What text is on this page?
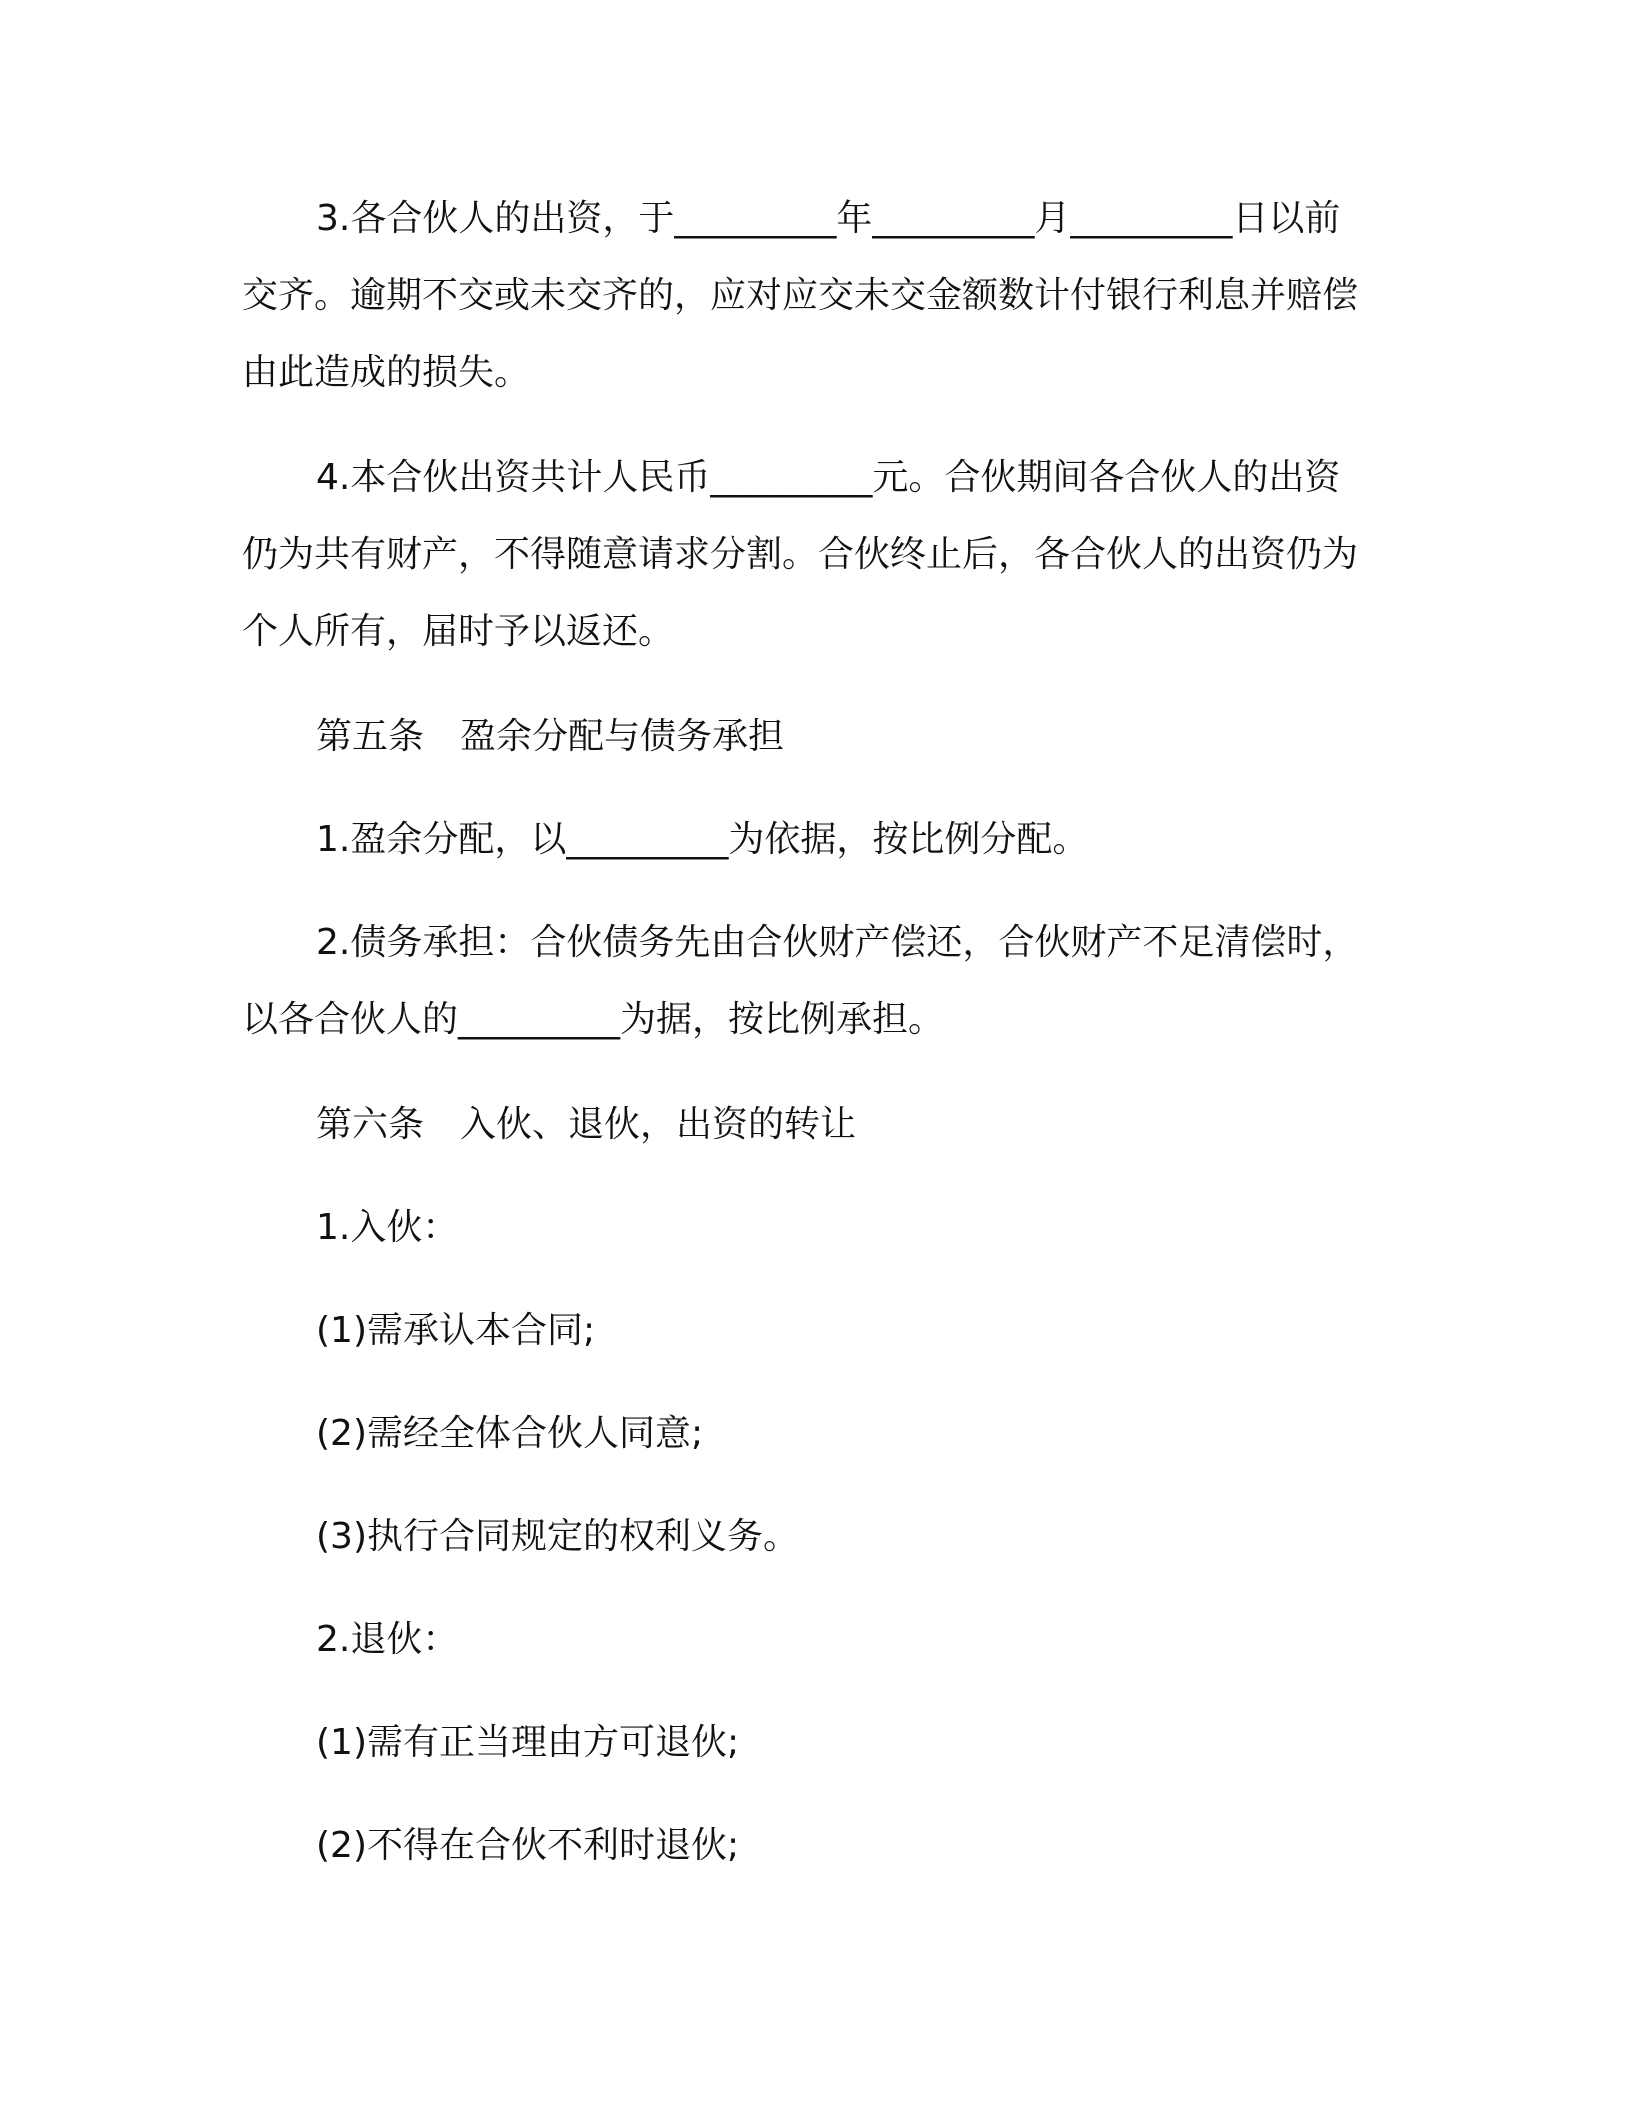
3.各合伙人的出资，于_________年_________月_________日以前交齐。逾期不交或未交齐的，应对应交未交金额数计付银行利息并赔偿由此造成的损失。

4.本合伙出资共计人民币_________元。合伙期间各合伙人的出资仍为共有财产，不得随意请求分割。合伙终止后，各合伙人的出资仍为个人所有，届时予以返还。

第五条 盈余分配与债务承担

1.盈余分配，以_________为依据，按比例分配。

2.债务承担：合伙债务先由合伙财产偿还，合伙财产不足清偿时，以各合伙人的_________为据，按比例承担。

第六条 入伙、退伙，出资的转让

1.入伙：

(1)需承认本合同;

(2)需经全体合伙人同意;

(3)执行合同规定的权利义务。

2.退伙：

(1)需有正当理由方可退伙;

(2)不得在合伙不利时退伙;
